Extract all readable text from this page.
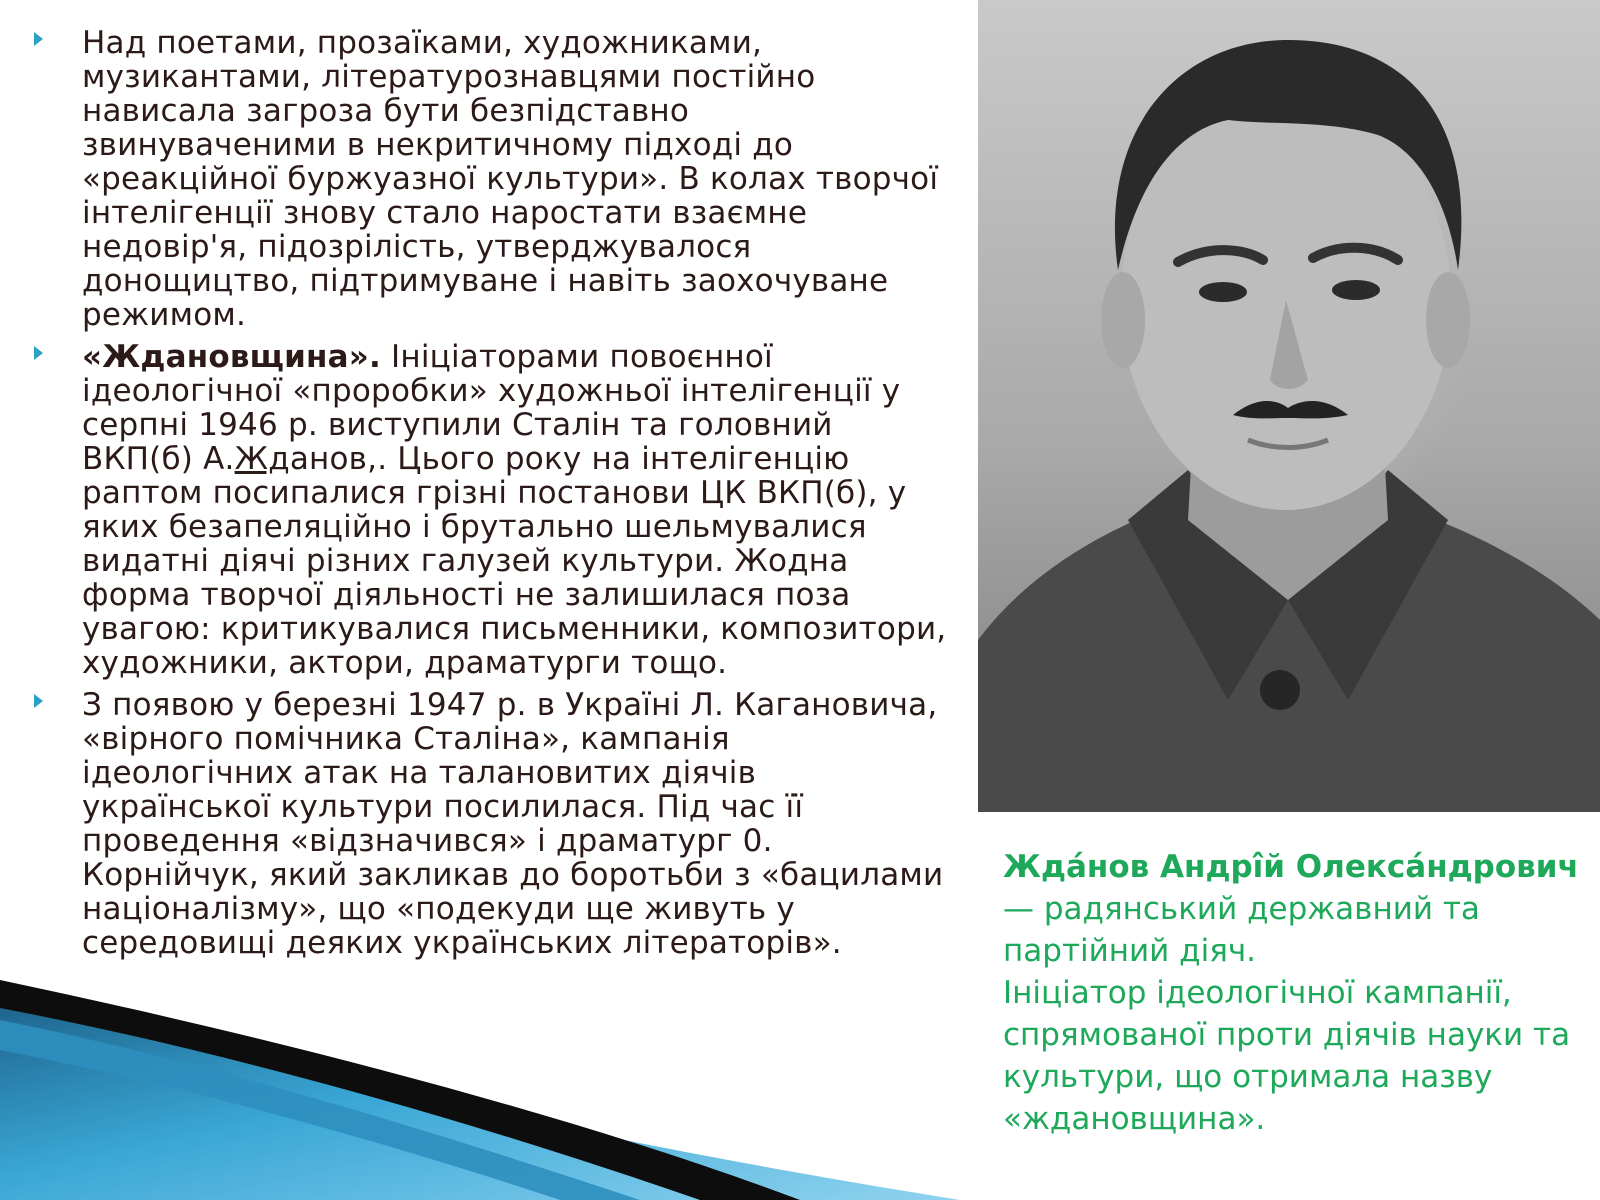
Над поетами, прозаїками, художниками, музикантами, літературознавцями постійно нависала загроза бути безпідставно звинуваченими в некритичному підході до «реакційної буржуазної культури». В колах творчої інтелігенції знову стало наростати взаємне недовір'я, підозрілість, утверджувалося донощицтво, підтримуване і навіть заохочуване режимом.

«Ждановщина». Ініціаторами повоєнної ідеологічної «проробки» художньої інтелігенції у серпні 1946 р. виступили Сталін та головний ВКП(б) А.Жданов,. Цього року на інтелігенцію раптом посипалися грізні постанови ЦК ВКП(б), у яких безапеляційно і брутально шельмувалися видатні діячі різних галузей культури. Жодна форма творчої діяльності не залишилася поза увагою: критикувалися письменники, композитори, художники, актори, драматурги тощо.

З появою у березні 1947 р. в Україні Л. Кагановича, «вірного помічника Сталіна», кампанія ідеологічних атак на талановитих діячів української культури посилилася. Під час її проведення «відзначився» і драматург 0. Корнійчук, який закликав до боротьби з «бацилами націоналізму», що «подекуди ще живуть у середовищі деяких українських літераторів».

Жда́нов Андрі̂й Олекса́ндрович — радянський державний та партійний діяч.
Ініціатор ідеологічної кампанії, спрямованої проти діячів науки та культури, що отримала назву «ждановщина».
